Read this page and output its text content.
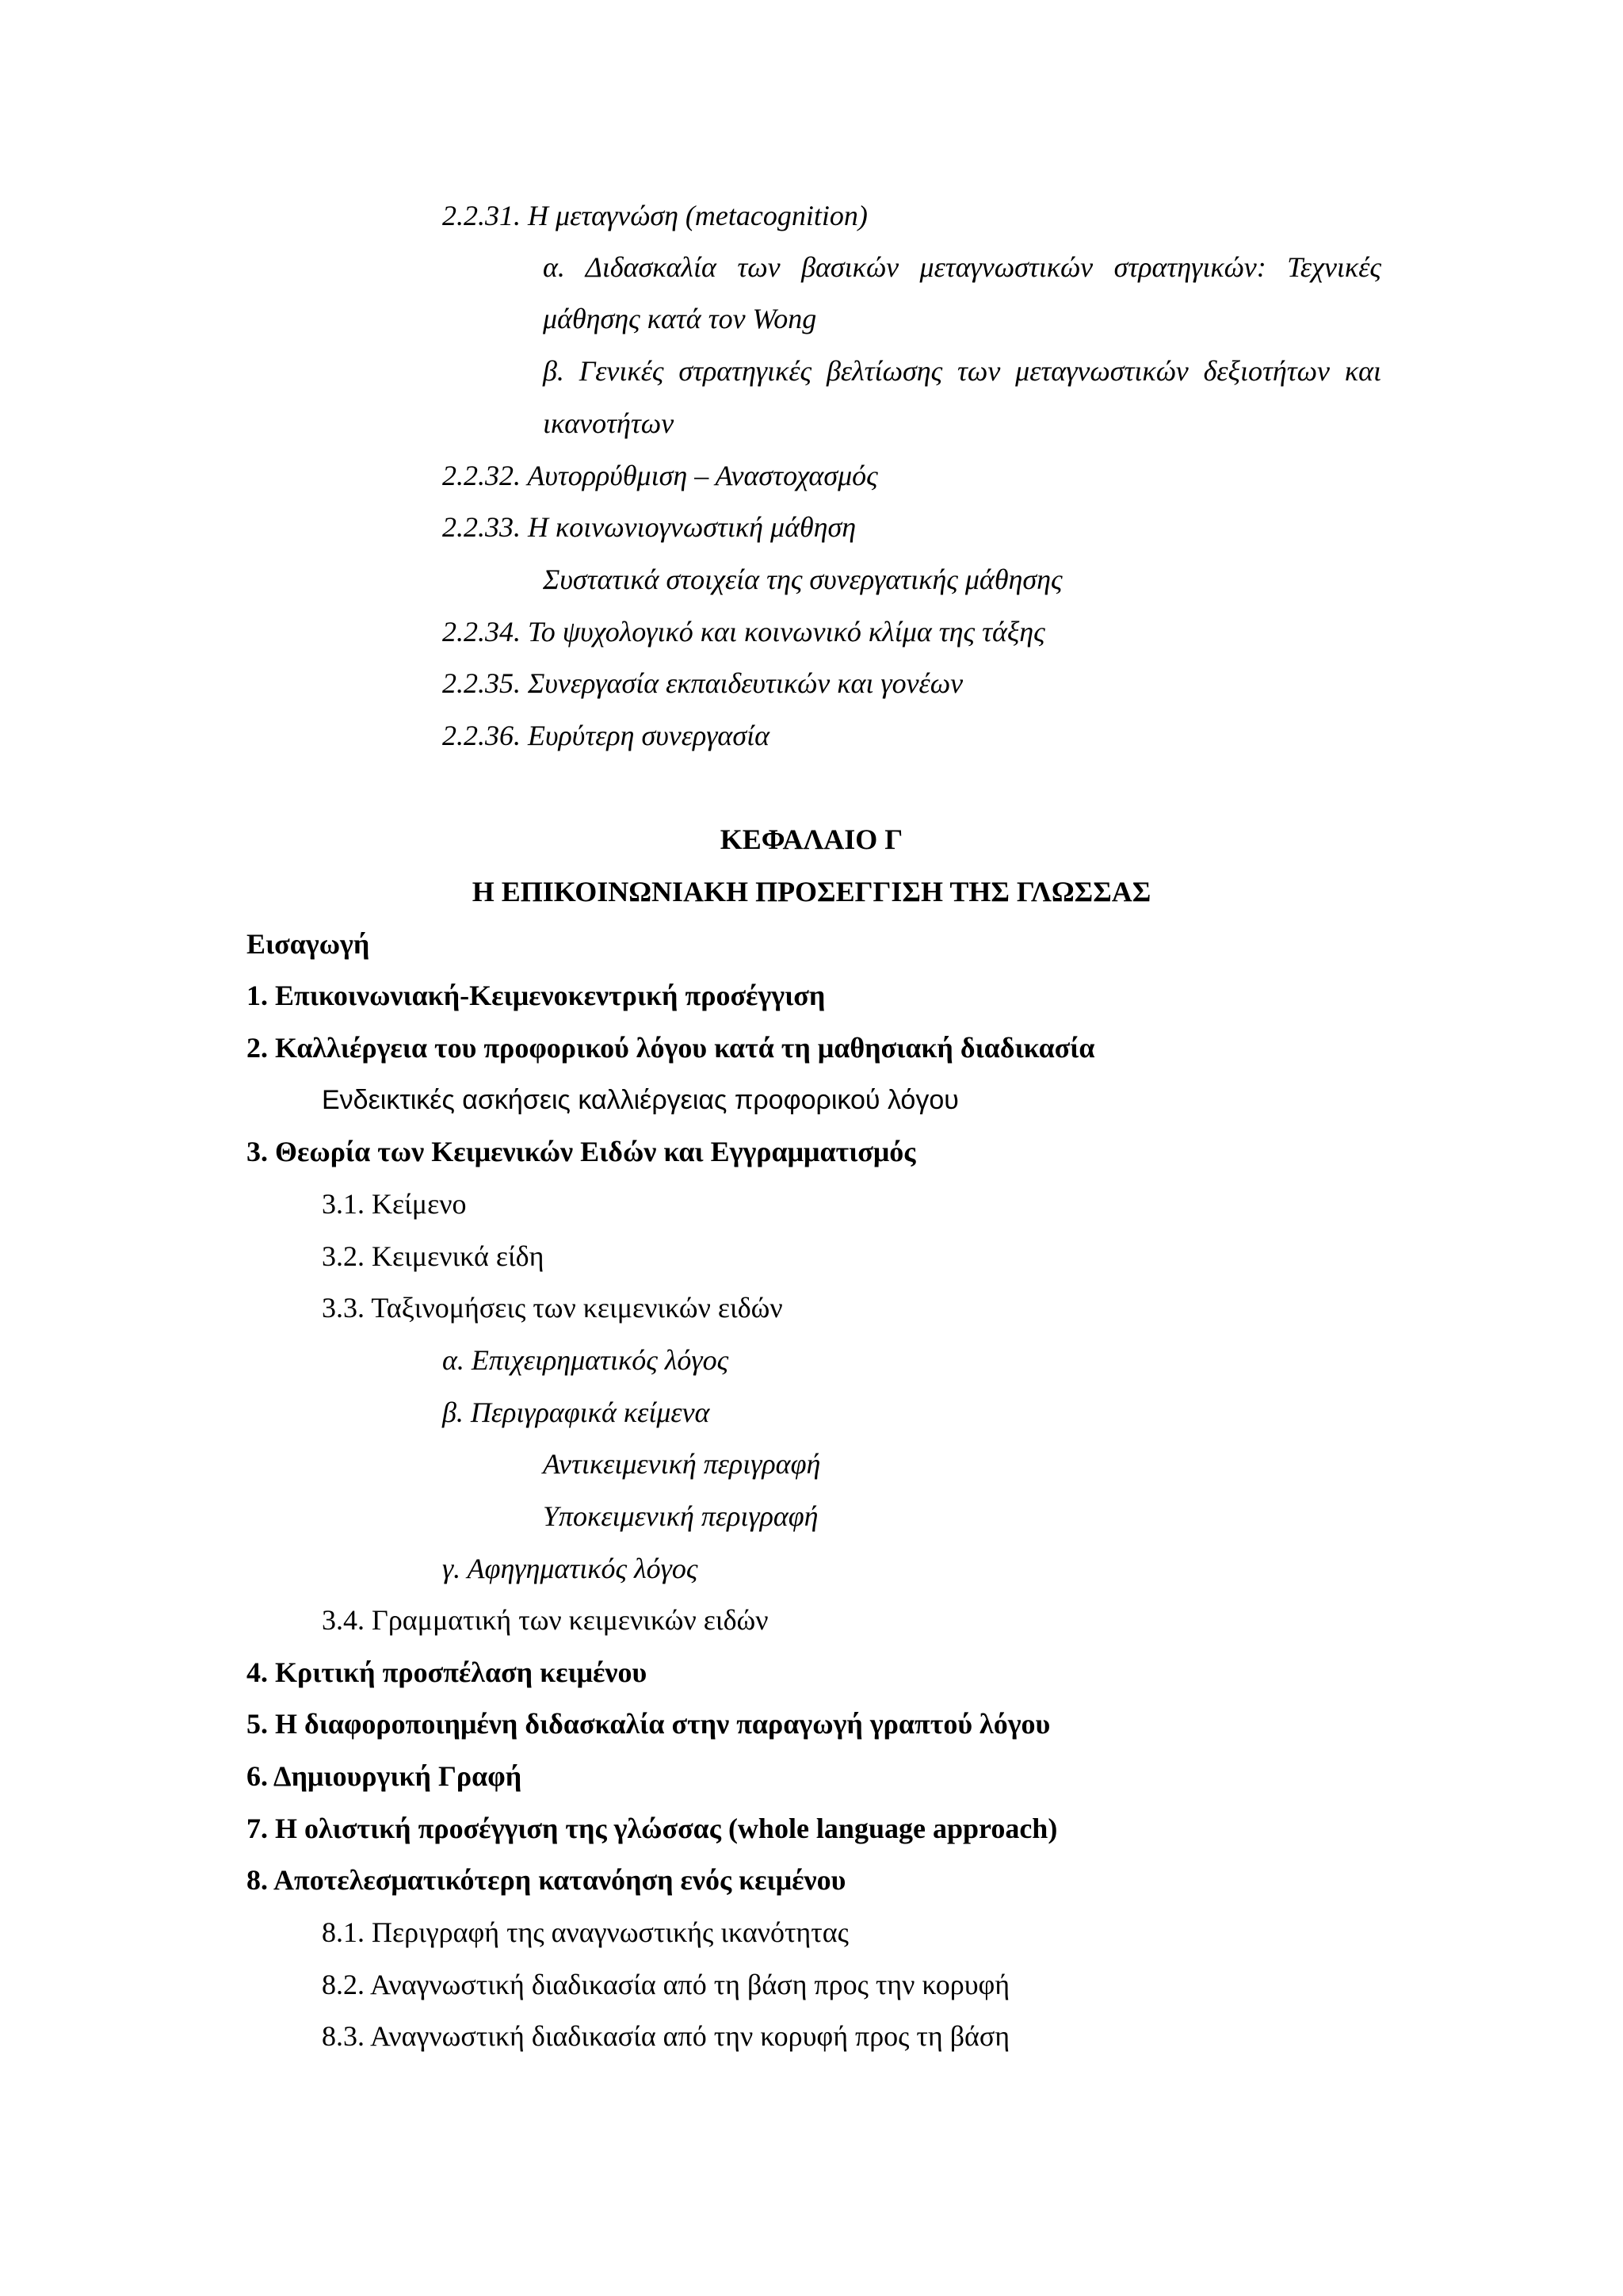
2.2.31. Η μεταγνώση (metacognition)
α. Διδασκαλία των βασικών μεταγνωστικών στρατηγικών: Τεχνικές
μάθησης κατά τον Wong
β. Γενικές στρατηγικές βελτίωσης των μεταγνωστικών δεξιοτήτων και
ικανοτήτων
2.2.32. Αυτορρύθμιση – Αναστοχασμός
2.2.33. Η κοινωνιογνωστική μάθηση
Συστατικά στοιχεία της συνεργατικής μάθησης
2.2.34. Το ψυχολογικό και κοινωνικό κλίμα της τάξης
2.2.35. Συνεργασία εκπαιδευτικών και γονέων
2.2.36. Ευρύτερη συνεργασία
ΚΕΦΑΛΑΙΟ Γ
Η ΕΠΙΚΟΙΝΩΝΙΑΚΗ ΠΡΟΣΕΓΓΙΣΗ ΤΗΣ ΓΛΩΣΣΑΣ
Εισαγωγή
1. Επικοινωνιακή-Κειμενοκεντρική προσέγγιση
2. Καλλιέργεια του προφορικού λόγου κατά τη μαθησιακή διαδικασία
Ενδεικτικές ασκήσεις καλλιέργειας προφορικού λόγου
3. Θεωρία των Κειμενικών Ειδών και Εγγραμματισμός
3.1. Κείμενο
3.2. Κειμενικά είδη
3.3. Ταξινομήσεις των κειμενικών ειδών
α. Επιχειρηματικός λόγος
β. Περιγραφικά κείμενα
Αντικειμενική περιγραφή
Υποκειμενική περιγραφή
γ. Αφηγηματικός λόγος
3.4. Γραμματική των κειμενικών ειδών
4. Κριτική προσπέλαση κειμένου
5. Η διαφοροποιημένη διδασκαλία στην παραγωγή γραπτού λόγου
6. Δημιουργική Γραφή
7. Η ολιστική προσέγγιση της γλώσσας (whole language approach)
8. Αποτελεσματικότερη κατανόηση ενός κειμένου
8.1. Περιγραφή της αναγνωστικής ικανότητας
8.2. Αναγνωστική διαδικασία από τη βάση προς την κορυφή
8.3. Αναγνωστική διαδικασία από την κορυφή προς τη βάση
